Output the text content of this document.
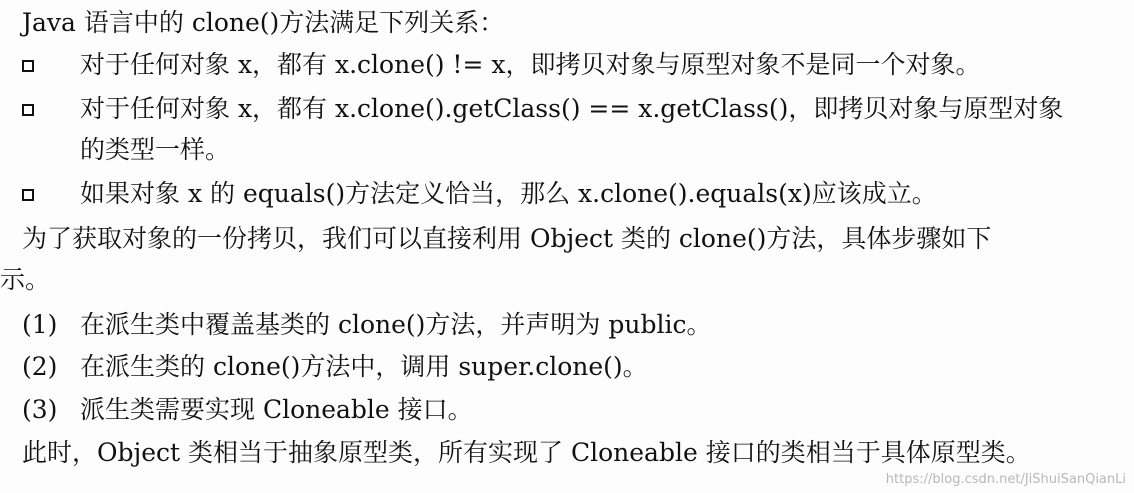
Java 语言中的 clone()方法满足下列关系：
对于任何对象 x，都有 x.clone() != x，即拷贝对象与原型对象不是同一个对象。
对于任何对象 x，都有 x.clone().getClass() == x.getClass()，即拷贝对象与原型对象
的类型一样。
如果对象 x 的 equals()方法定义恰当，那么 x.clone().equals(x)应该成立。
为了获取对象的一份拷贝，我们可以直接利用 Object 类的 clone()方法，具体步骤如下
示。
(1) 在派生类中覆盖基类的 clone()方法，并声明为 public。
(2) 在派生类的 clone()方法中，调用 super.clone()。
(3) 派生类需要实现 Cloneable 接口。
此时，Object 类相当于抽象原型类，所有实现了 Cloneable 接口的类相当于具体原型类。
https://blog.csdn.net/JiShuiSanQianLi
